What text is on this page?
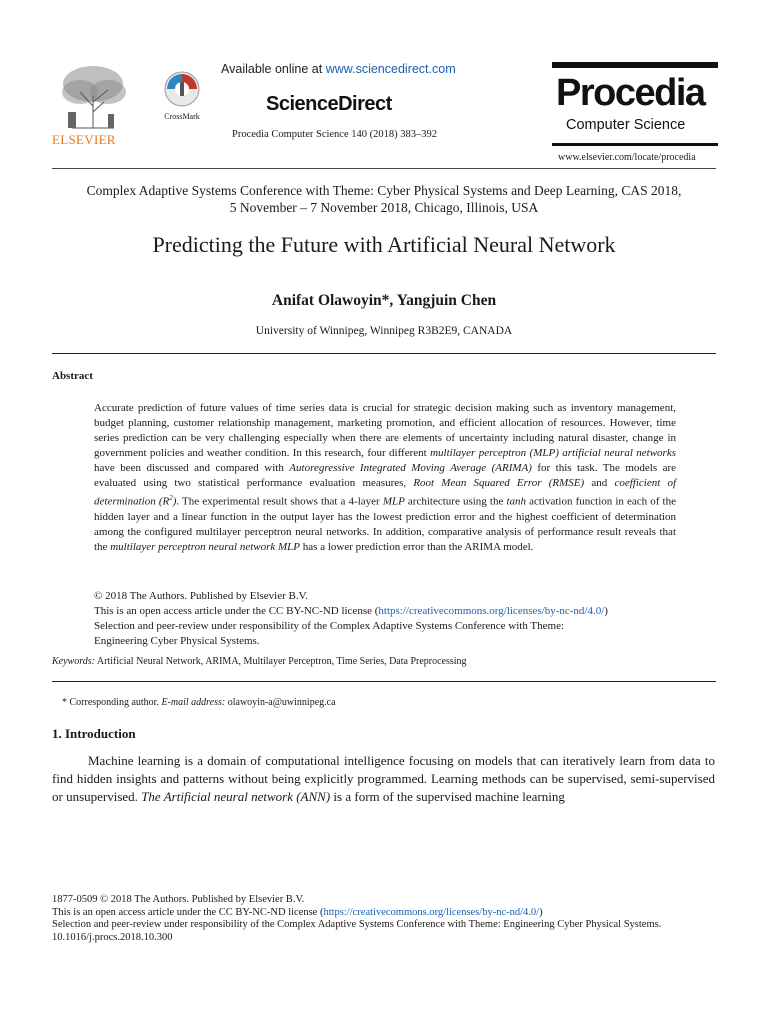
Available online at www.sciencedirect.com
ScienceDirect
Procedia Computer Science 140 (2018) 383–392
ELSEVIER
CrossMark
Procedia
Computer Science
www.elsevier.com/locate/procedia
Complex Adaptive Systems Conference with Theme: Cyber Physical Systems and Deep Learning, CAS 2018,
5 November – 7 November 2018, Chicago, Illinois, USA
Predicting the Future with Artificial Neural Network
Anifat Olawoyin*, Yangjuin Chen
University of Winnipeg, Winnipeg R3B2E9, CANADA
Abstract

Accurate prediction of future values of time series data is crucial for strategic decision making such as inventory management, budget planning, customer relationship management, marketing promotion, and efficient allocation of resources. However, time series prediction can be very challenging especially when there are elements of uncertainty including natural disaster, change in government policies and weather condition. In this research, four different multilayer perceptron (MLP) artificial neural networks have been discussed and compared with Autoregressive Integrated Moving Average (ARIMA) for this task. The models are evaluated using two statistical performance evaluation measures, Root Mean Squared Error (RMSE) and coefficient of determination $(R^2)$. The experimental result shows that a 4-layer MLP architecture using the tanh activation function in each of the hidden layer and a linear function in the output layer has the lowest prediction error and the highest coefficient of determination among the configured multilayer perceptron neural networks. In addition, comparative analysis of performance result reveals that the multilayer perceptron neural network MLP has a lower prediction error than the ARIMA model.

© 2018 The Authors. Published by Elsevier B.V.
This is an open access article under the CC BY-NC-ND license (https://creativecommons.org/licenses/by-nc-nd/4.0/)
Selection and peer-review under responsibility of the Complex Adaptive Systems Conference with Theme:
Engineering Cyber Physical Systems.
Keywords: Artificial Neural Network, ARIMA, Multilayer Perceptron, Time Series, Data Preprocessing
* Corresponding author. E-mail address: olawoyin-a@uwinnipeg.ca
1. Introduction

Machine learning is a domain of computational intelligence focusing on models that can iteratively learn from data to find hidden insights and patterns without being explicitly programmed. Learning methods can be supervised, semi-supervised or unsupervised. The Artificial neural network (ANN) is a form of the supervised machine learning

1877-0509 © 2018 The Authors. Published by Elsevier B.V.
This is an open access article under the CC BY-NC-ND license (https://creativecommons.org/licenses/by-nc-nd/4.0/)
Selection and peer-review under responsibility of the Complex Adaptive Systems Conference with Theme: Engineering Cyber Physical Systems.
10.1016/j.procs.2018.10.300
